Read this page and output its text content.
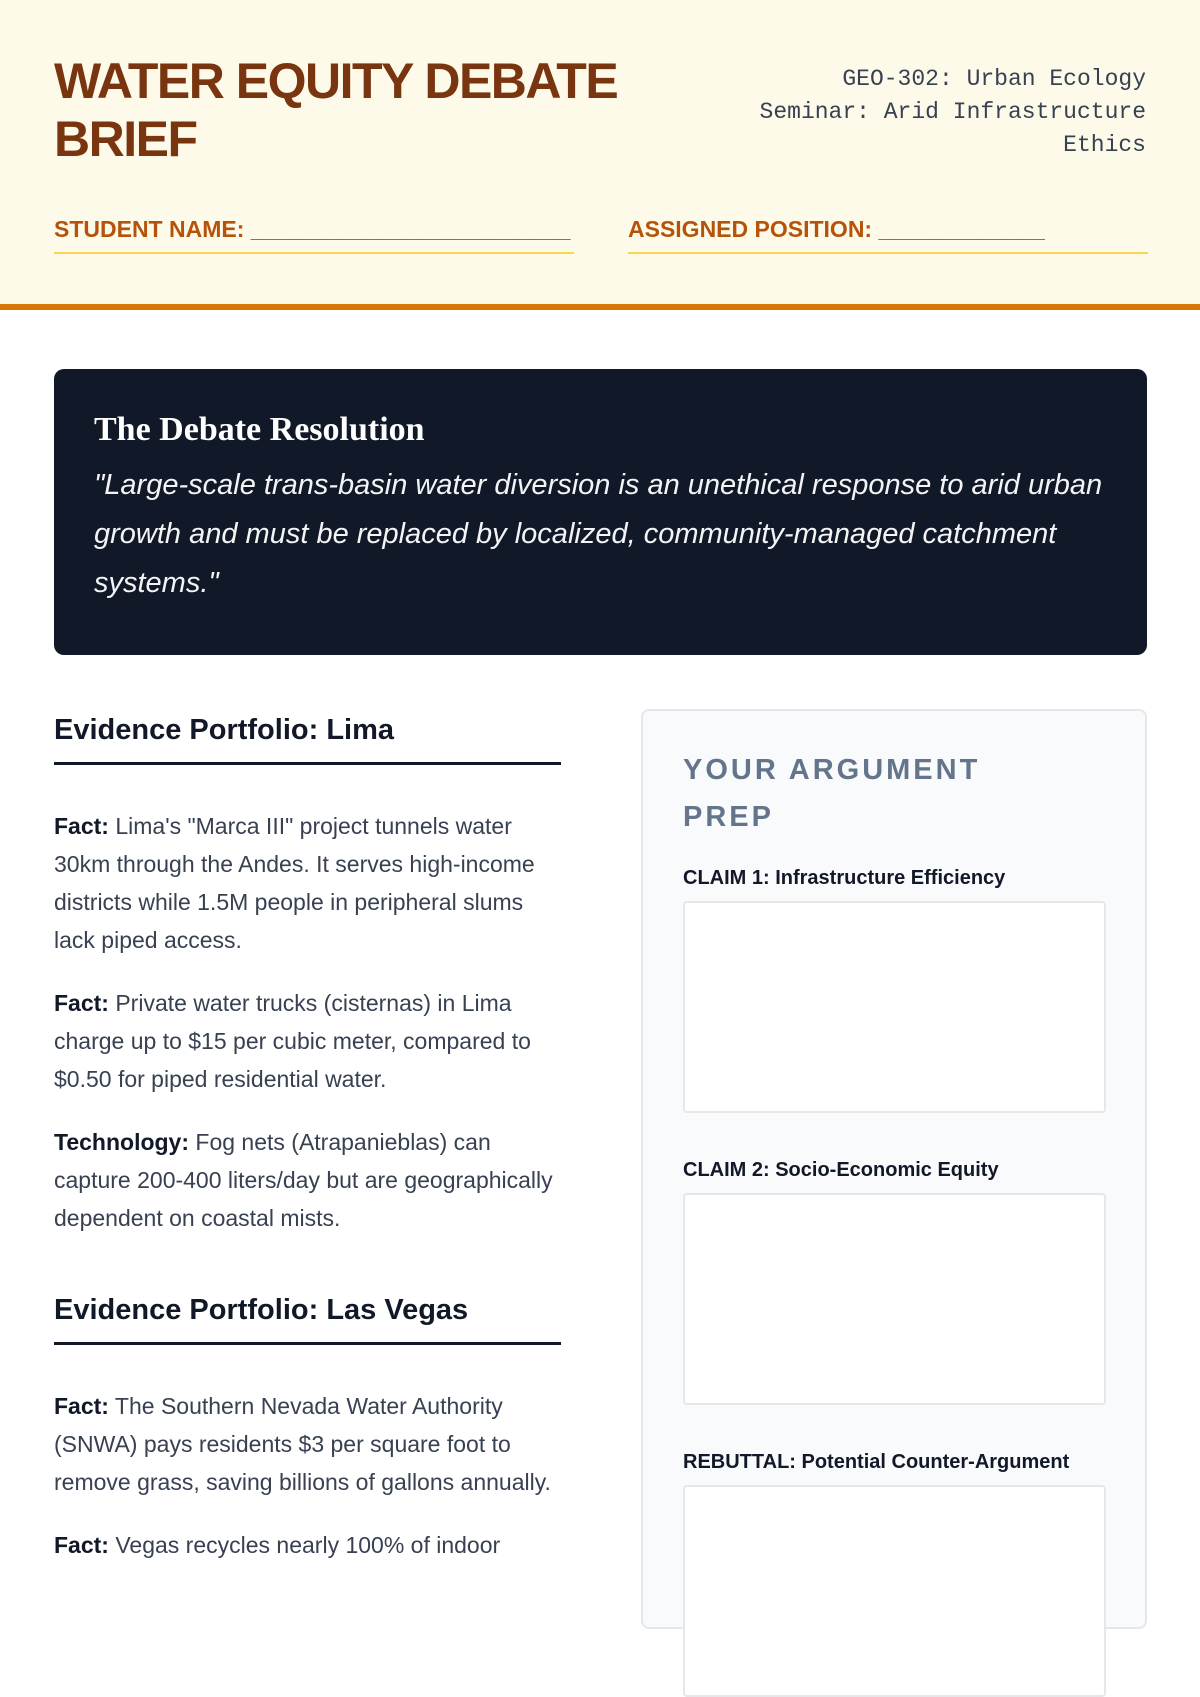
WATER EQUITY DEBATE BRIEF
GEO-302: Urban Ecology
Seminar: Arid Infrastructure
Ethics
STUDENT NAME: _________________________ ASSIGNED POSITION: _____________
The Debate Resolution

"Large-scale trans-basin water diversion is an unethical response to arid urban growth and must be replaced by localized, community-managed catchment systems."

Evidence Portfolio: Lima

Fact: Lima's "Marca III" project tunnels water 30km through the Andes. It serves high-income districts while 1.5M people in peripheral slums lack piped access.

Fact: Private water trucks (cisternas) in Lima charge up to $15 per cubic meter, compared to $0.50 for piped residential water.

Technology: Fog nets (Atrapanieblas) can capture 200-400 liters/day but are geographically dependent on coastal mists.

Evidence Portfolio: Las Vegas

Fact: The Southern Nevada Water Authority (SNWA) pays residents $3 per square foot to remove grass, saving billions of gallons annually.

Fact: Vegas recycles nearly 100% of indoor

YOUR ARGUMENT PREP
CLAIM 1: Infrastructure Efficiency
CLAIM 2: Socio-Economic Equity
REBUTTAL: Potential Counter-Argument
